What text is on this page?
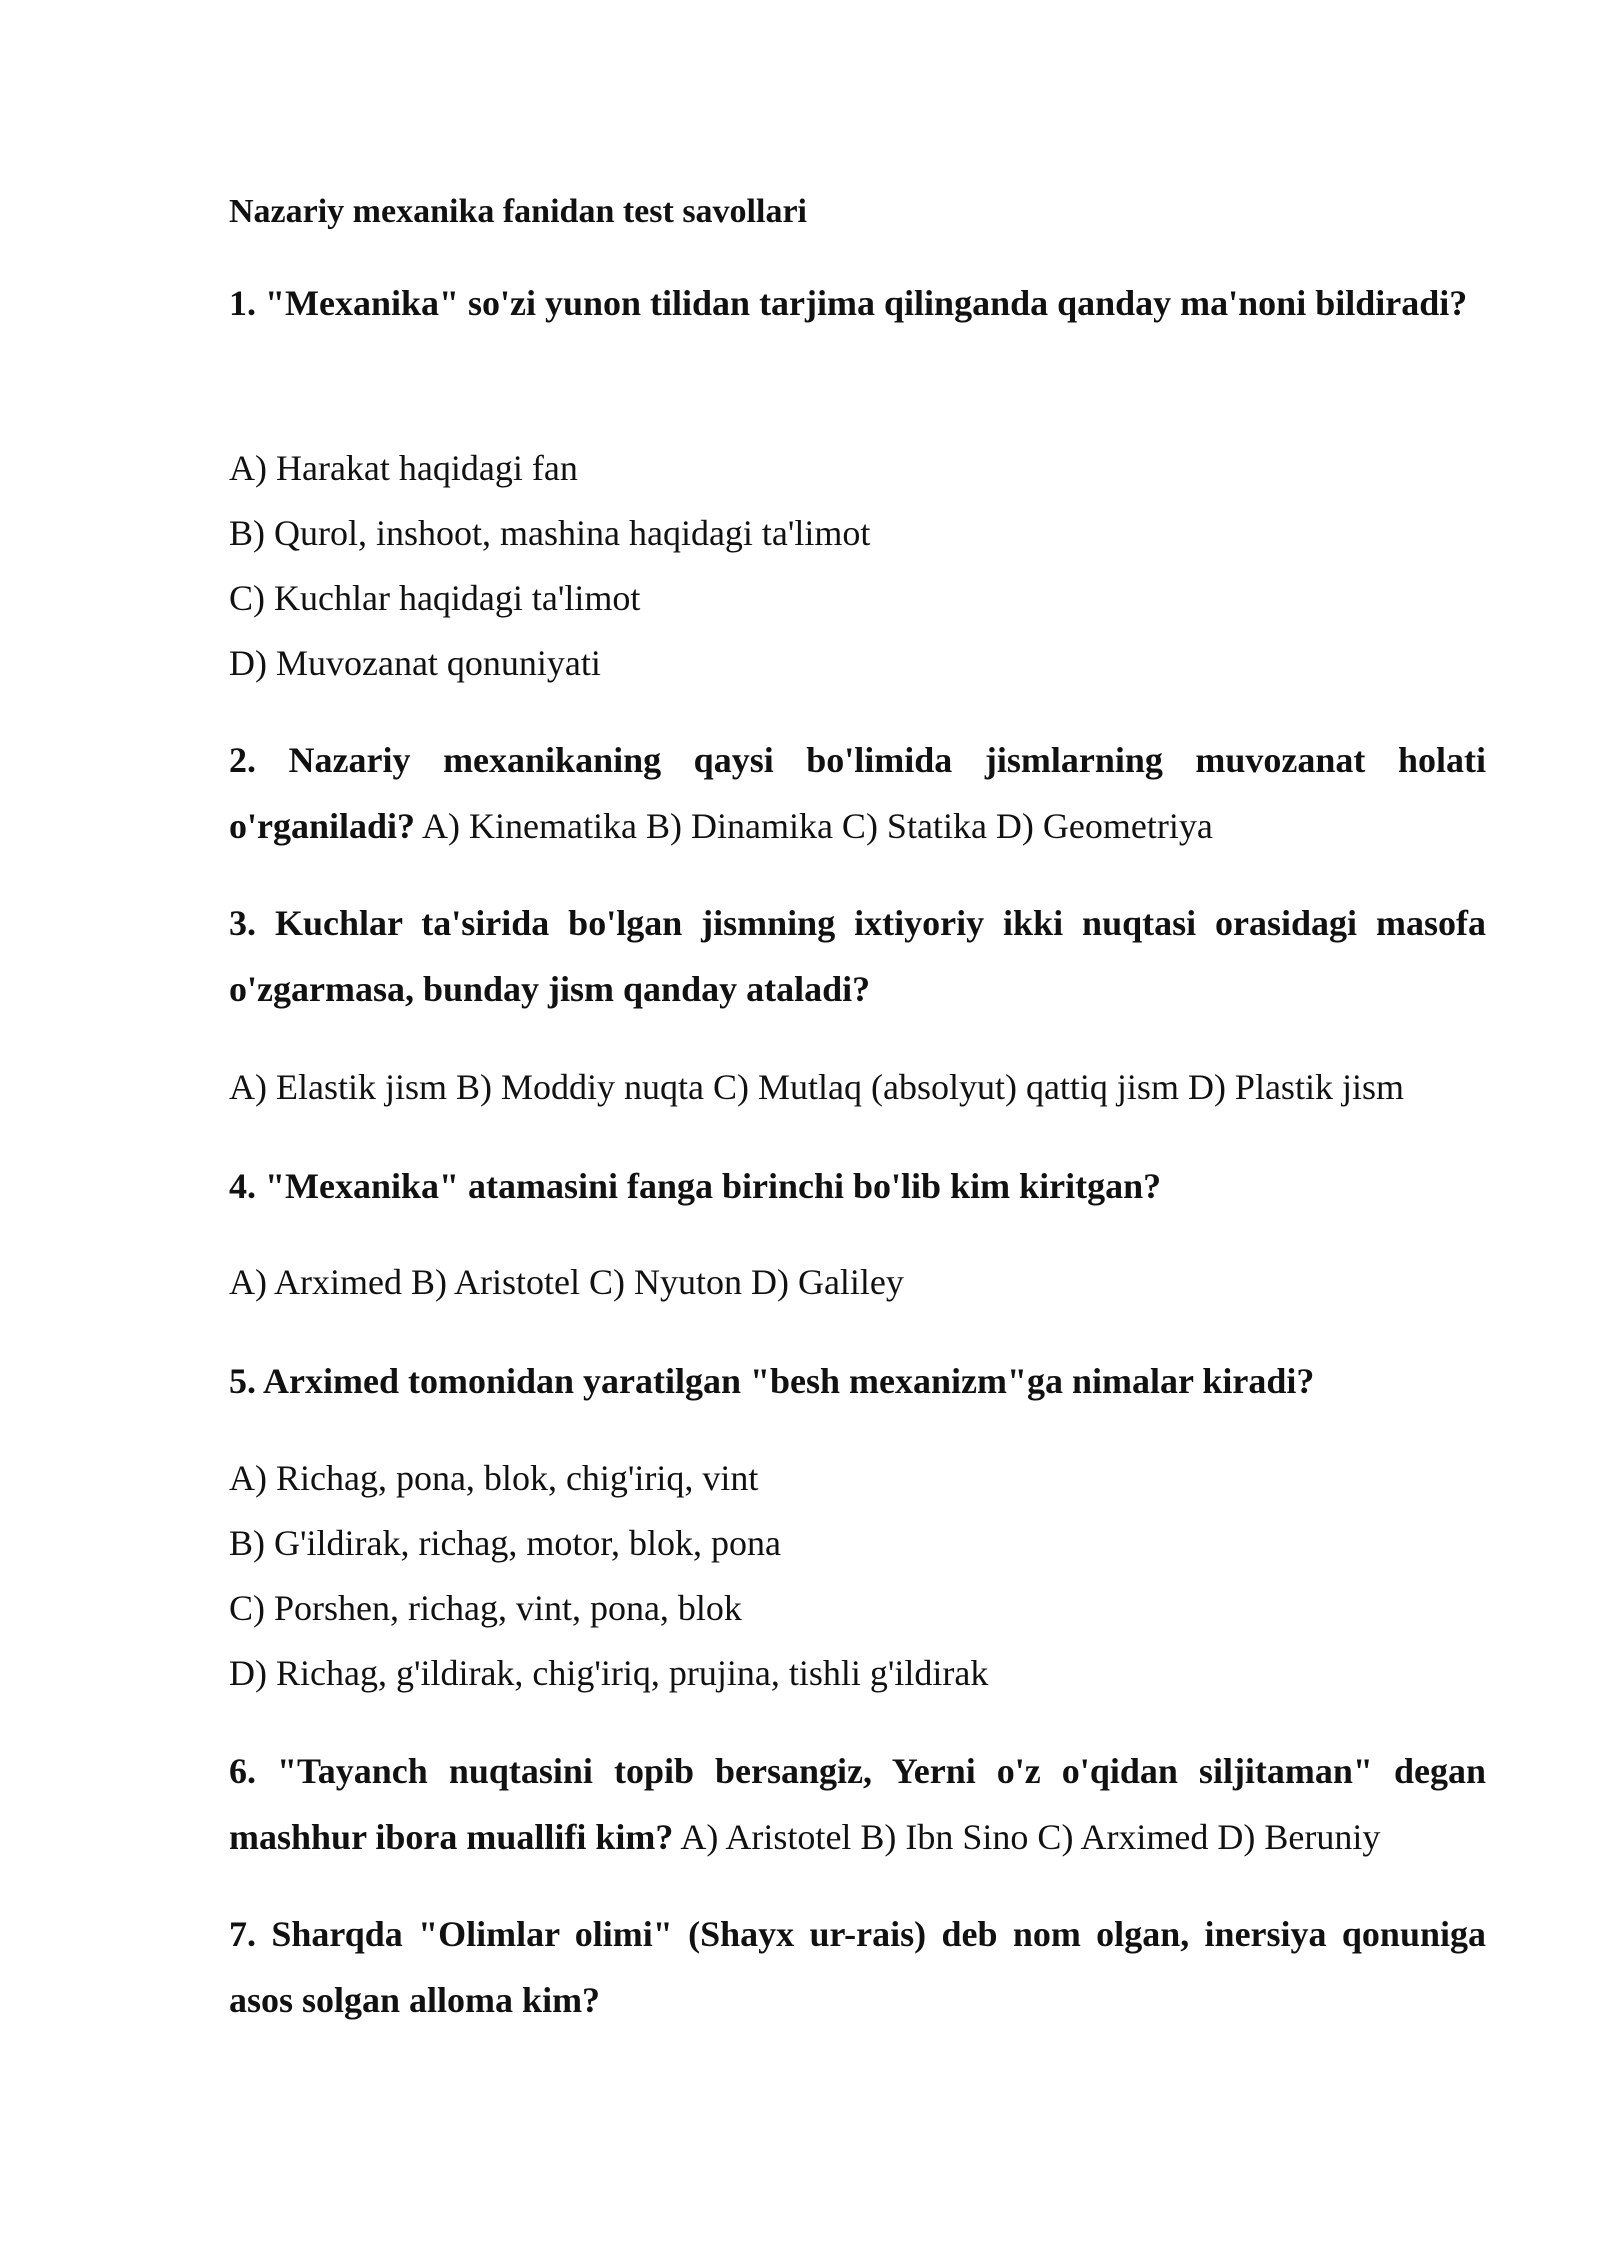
Nazariy mexanika fanidan test savollari

1. "Mexanika" so'zi yunon tilidan tarjima qilinganda qanday ma'noni bildiradi?

A) Harakat haqidagi fan

B) Qurol, inshoot, mashina haqidagi ta'limot

C) Kuchlar haqidagi ta'limot

D) Muvozanat qonuniyati

2. Nazariy mexanikaning qaysi bo'limida jismlarning muvozanat holati o'rganiladi? A) Kinematika B) Dinamika C) Statika D) Geometriya

3. Kuchlar ta'sirida bo'lgan jismning ixtiyoriy ikki nuqtasi orasidagi masofa o'zgarmasa, bunday jism qanday ataladi?

A) Elastik jism B) Moddiy nuqta C) Mutlaq (absolyut) qattiq jism D) Plastik jism

4. "Mexanika" atamasini fanga birinchi bo'lib kim kiritgan?

A) Arximed B) Aristotel C) Nyuton D) Galiley

5. Arximed tomonidan yaratilgan "besh mexanizm"ga nimalar kiradi?

A) Richag, pona, blok, chig'iriq, vint

B) G'ildirak, richag, motor, blok, pona

C) Porshen, richag, vint, pona, blok

D) Richag, g'ildirak, chig'iriq, prujina, tishli g'ildirak

6. "Tayanch nuqtasini topib bersangiz, Yerni o'z o'qidan siljitaman" degan mashhur ibora muallifi kim? A) Aristotel B) Ibn Sino C) Arximed D) Beruniy

7. Sharqda "Olimlar olimi" (Shayx ur-rais) deb nom olgan, inersiya qonuniga asos solgan alloma kim?
